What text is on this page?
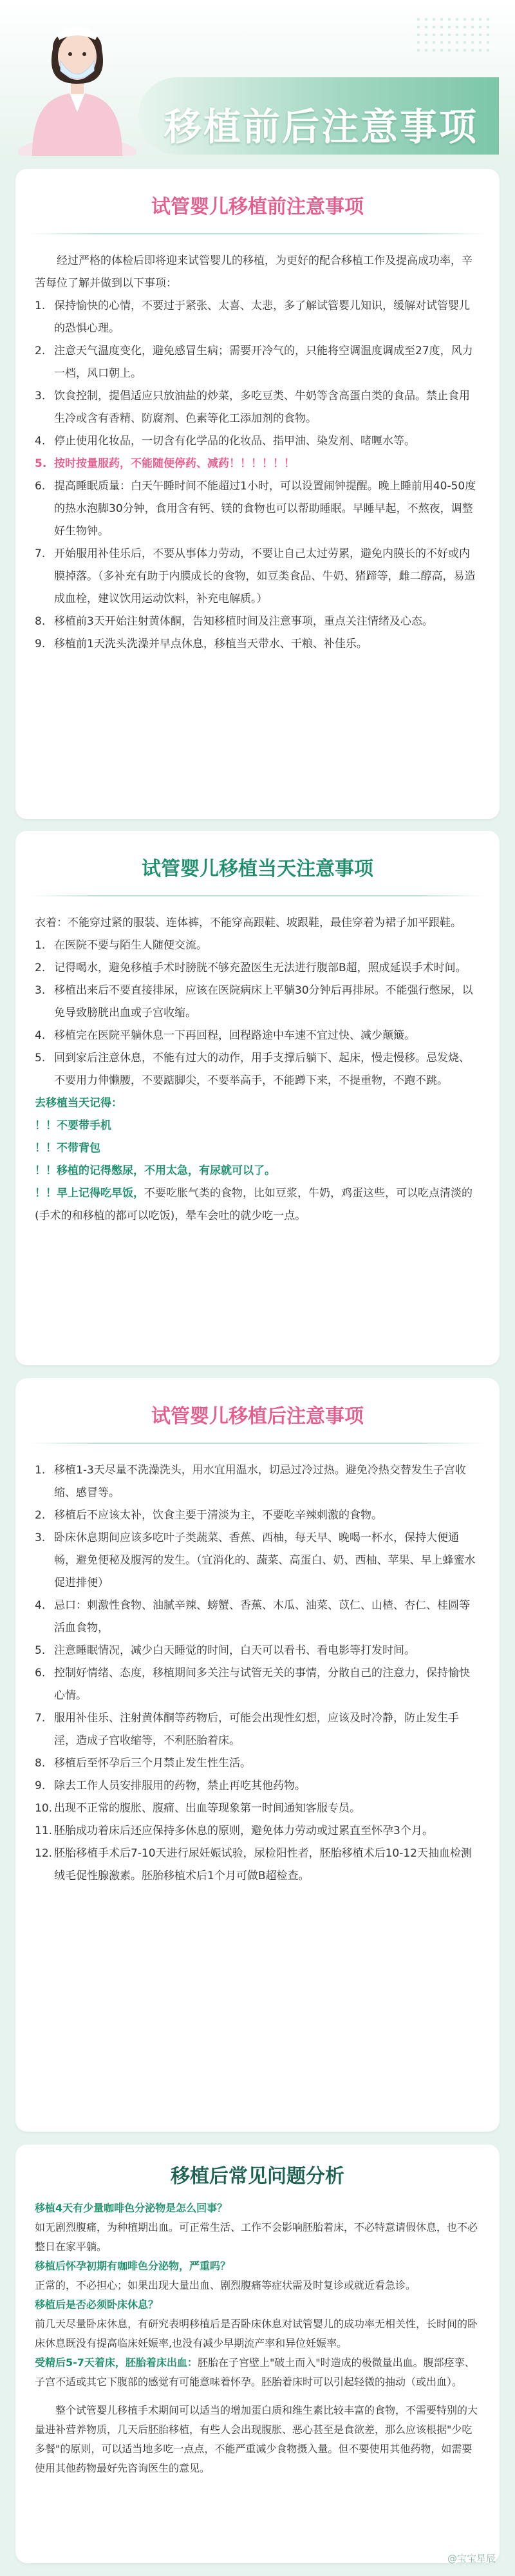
移植前后注意事项
试管婴儿移植前注意事项

经过严格的体检后即将迎来试管婴儿的移植，为更好的配合移植工作及提高成功率，辛苦每位了解并做到以下事项：

1. 保持愉快的心情，不要过于紧张、太喜、太悲，多了解试管婴儿知识，缓解对试管婴儿的恐惧心理。
2. 注意天气温度变化，避免感冒生病；需要开冷气的，只能将空调温度调成至27度，风力一档，风口朝上。
3. 饮食控制，提倡适应只放油盐的炒菜，多吃豆类、牛奶等含高蛋白类的食品。禁止食用生冷或含有香精、防腐剂、色素等化工添加剂的食物。
4. 停止使用化妆品，一切含有化学品的化妆品、指甲油、染发剂、啫喱水等。
5. 按时按量服药，不能随便停药、减药！！！！！！
6. 提高睡眠质量：白天午睡时间不能超过1小时，可以设置闹钟提醒。晚上睡前用40-50度的热水泡脚30分钟，食用含有钙、镁的食物也可以帮助睡眠。早睡早起，不熬夜，调整好生物钟。
7. 开始服用补佳乐后，不要从事体力劳动，不要让自己太过劳累，避免内膜长的不好或内膜掉落。（多补充有助于内膜成长的食物，如豆类食品、牛奶、猪蹄等，雌二醇高，易造成血栓，建议饮用运动饮料，补充电解质。）
8. 移植前3天开始注射黄体酮，告知移植时间及注意事项，重点关注情绪及心态。
9. 移植前1天洗头洗澡并早点休息，移植当天带水、干粮、补佳乐。
试管婴儿移植当天注意事项

衣着：不能穿过紧的服装、连体裤，不能穿高跟鞋、坡跟鞋，最佳穿着为裙子加平跟鞋。

1. 在医院不要与陌生人随便交流。
2. 记得喝水，避免移植手术时膀胱不够充盈医生无法进行腹部B超，照成延误手术时间。
3. 移植出来后不要直接排尿，应该在医院病床上平躺30分钟后再排尿。不能强行憋尿，以免导致膀胱出血或子宫收缩。
4. 移植完在医院平躺休息一下再回程，回程路途中车速不宜过快、减少颠簸。
5. 回到家后注意休息，不能有过大的动作，用手支撑后躺下、起床，慢走慢移。忌发烧、不要用力伸懒腰，不要踮脚尖，不要举高手，不能蹲下来，不提重物，不跑不跳。

去移植当天记得：

！！不要带手机

！！不带背包

！！移植的记得憋尿，不用太急，有尿就可以了。

！！早上记得吃早饭，不要吃胀气类的食物，比如豆浆，牛奶，鸡蛋这些，可以吃点清淡的(手术的和移植的都可以吃饭)，晕车会吐的就少吃一点。

试管婴儿移植后注意事项
1. 移植1-3天尽量不洗澡洗头，用水宜用温水，切忌过冷过热。避免冷热交替发生子宫收缩、感冒等。
2. 移植后不应该太补，饮食主要于清淡为主，不要吃辛辣刺激的食物。
3. 卧床休息期间应该多吃叶子类蔬菜、香蕉、西柚，每天早、晚喝一杯水，保持大便通畅，避免便秘及腹泻的发生。（宜消化的、蔬菜、高蛋白、奶、西柚、苹果、早上蜂蜜水促进排便）
4. 忌口：刺激性食物、油腻辛辣、螃蟹、香蕉、木瓜、油菜、苡仁、山楂、杏仁、桂圆等活血食物，
5. 注意睡眠情况，减少白天睡觉的时间，白天可以看书、看电影等打发时间。
6. 控制好情绪、态度，移植期间多关注与试管无关的事情，分散自己的注意力，保持愉快心情。
7. 服用补佳乐、注射黄体酮等药物后，可能会出现性幻想，应该及时冷静，防止发生手淫，造成子宫收缩等，不利胚胎着床。
8. 移植后至怀孕后三个月禁止发生性生活。
9. 除去工作人员安排服用的药物，禁止再吃其他药物。
10. 出现不正常的腹胀、腹痛、出血等现象第一时间通知客服专员。
11. 胚胎成功着床后还应保持多休息的原则，避免体力劳动或过累直至怀孕3个月。
12. 胚胎移植手术后7-10天进行尿妊娠试验，尿检阳性者，胚胎移植术后10-12天抽血检测绒毛促性腺激素。胚胎移植术后1个月可做B超检查。
移植后常见问题分析

移植4天有少量咖啡色分泌物是怎么回事？

如无剧烈腹痛，为种植期出血。可正常生活、工作不会影响胚胎着床，不必特意请假休息，也不必整日在家平躺。

移植后怀孕初期有咖啡色分泌物，严重吗？

正常的，不必担心；如果出现大量出血、剧烈腹痛等症状需及时复诊或就近看急诊。

移植后是否必须卧床休息？

前几天尽量卧床休息，有研究表明移植后是否卧床休息对试管婴儿的成功率无相关性，长时间的卧床休息既没有提高临床妊娠率,也没有减少早期流产率和异位妊娠率。

受精后5-7天着床，胚胎着床出血：胚胎在子宫壁上"破土而入"时造成的极微量出血。腹部痉挛、子宫不适或其它下腹部的感觉有可能意味着怀孕。胚胎着床时可以引起轻微的抽动（或出血）。

整个试管婴儿移植手术期间可以适当的增加蛋白质和维生素比较丰富的食物，不需要特别的大量进补营养物质，几天后胚胎移植，有些人会出现腹胀、恶心甚至是食欲差，那么应该根据"少吃多餐"的原则，可以适当地多吃一点点，不能严重减少食物摄入量。但不要使用其他药物，如需要使用其他药物最好先咨询医生的意见。

@宝宝星辰
